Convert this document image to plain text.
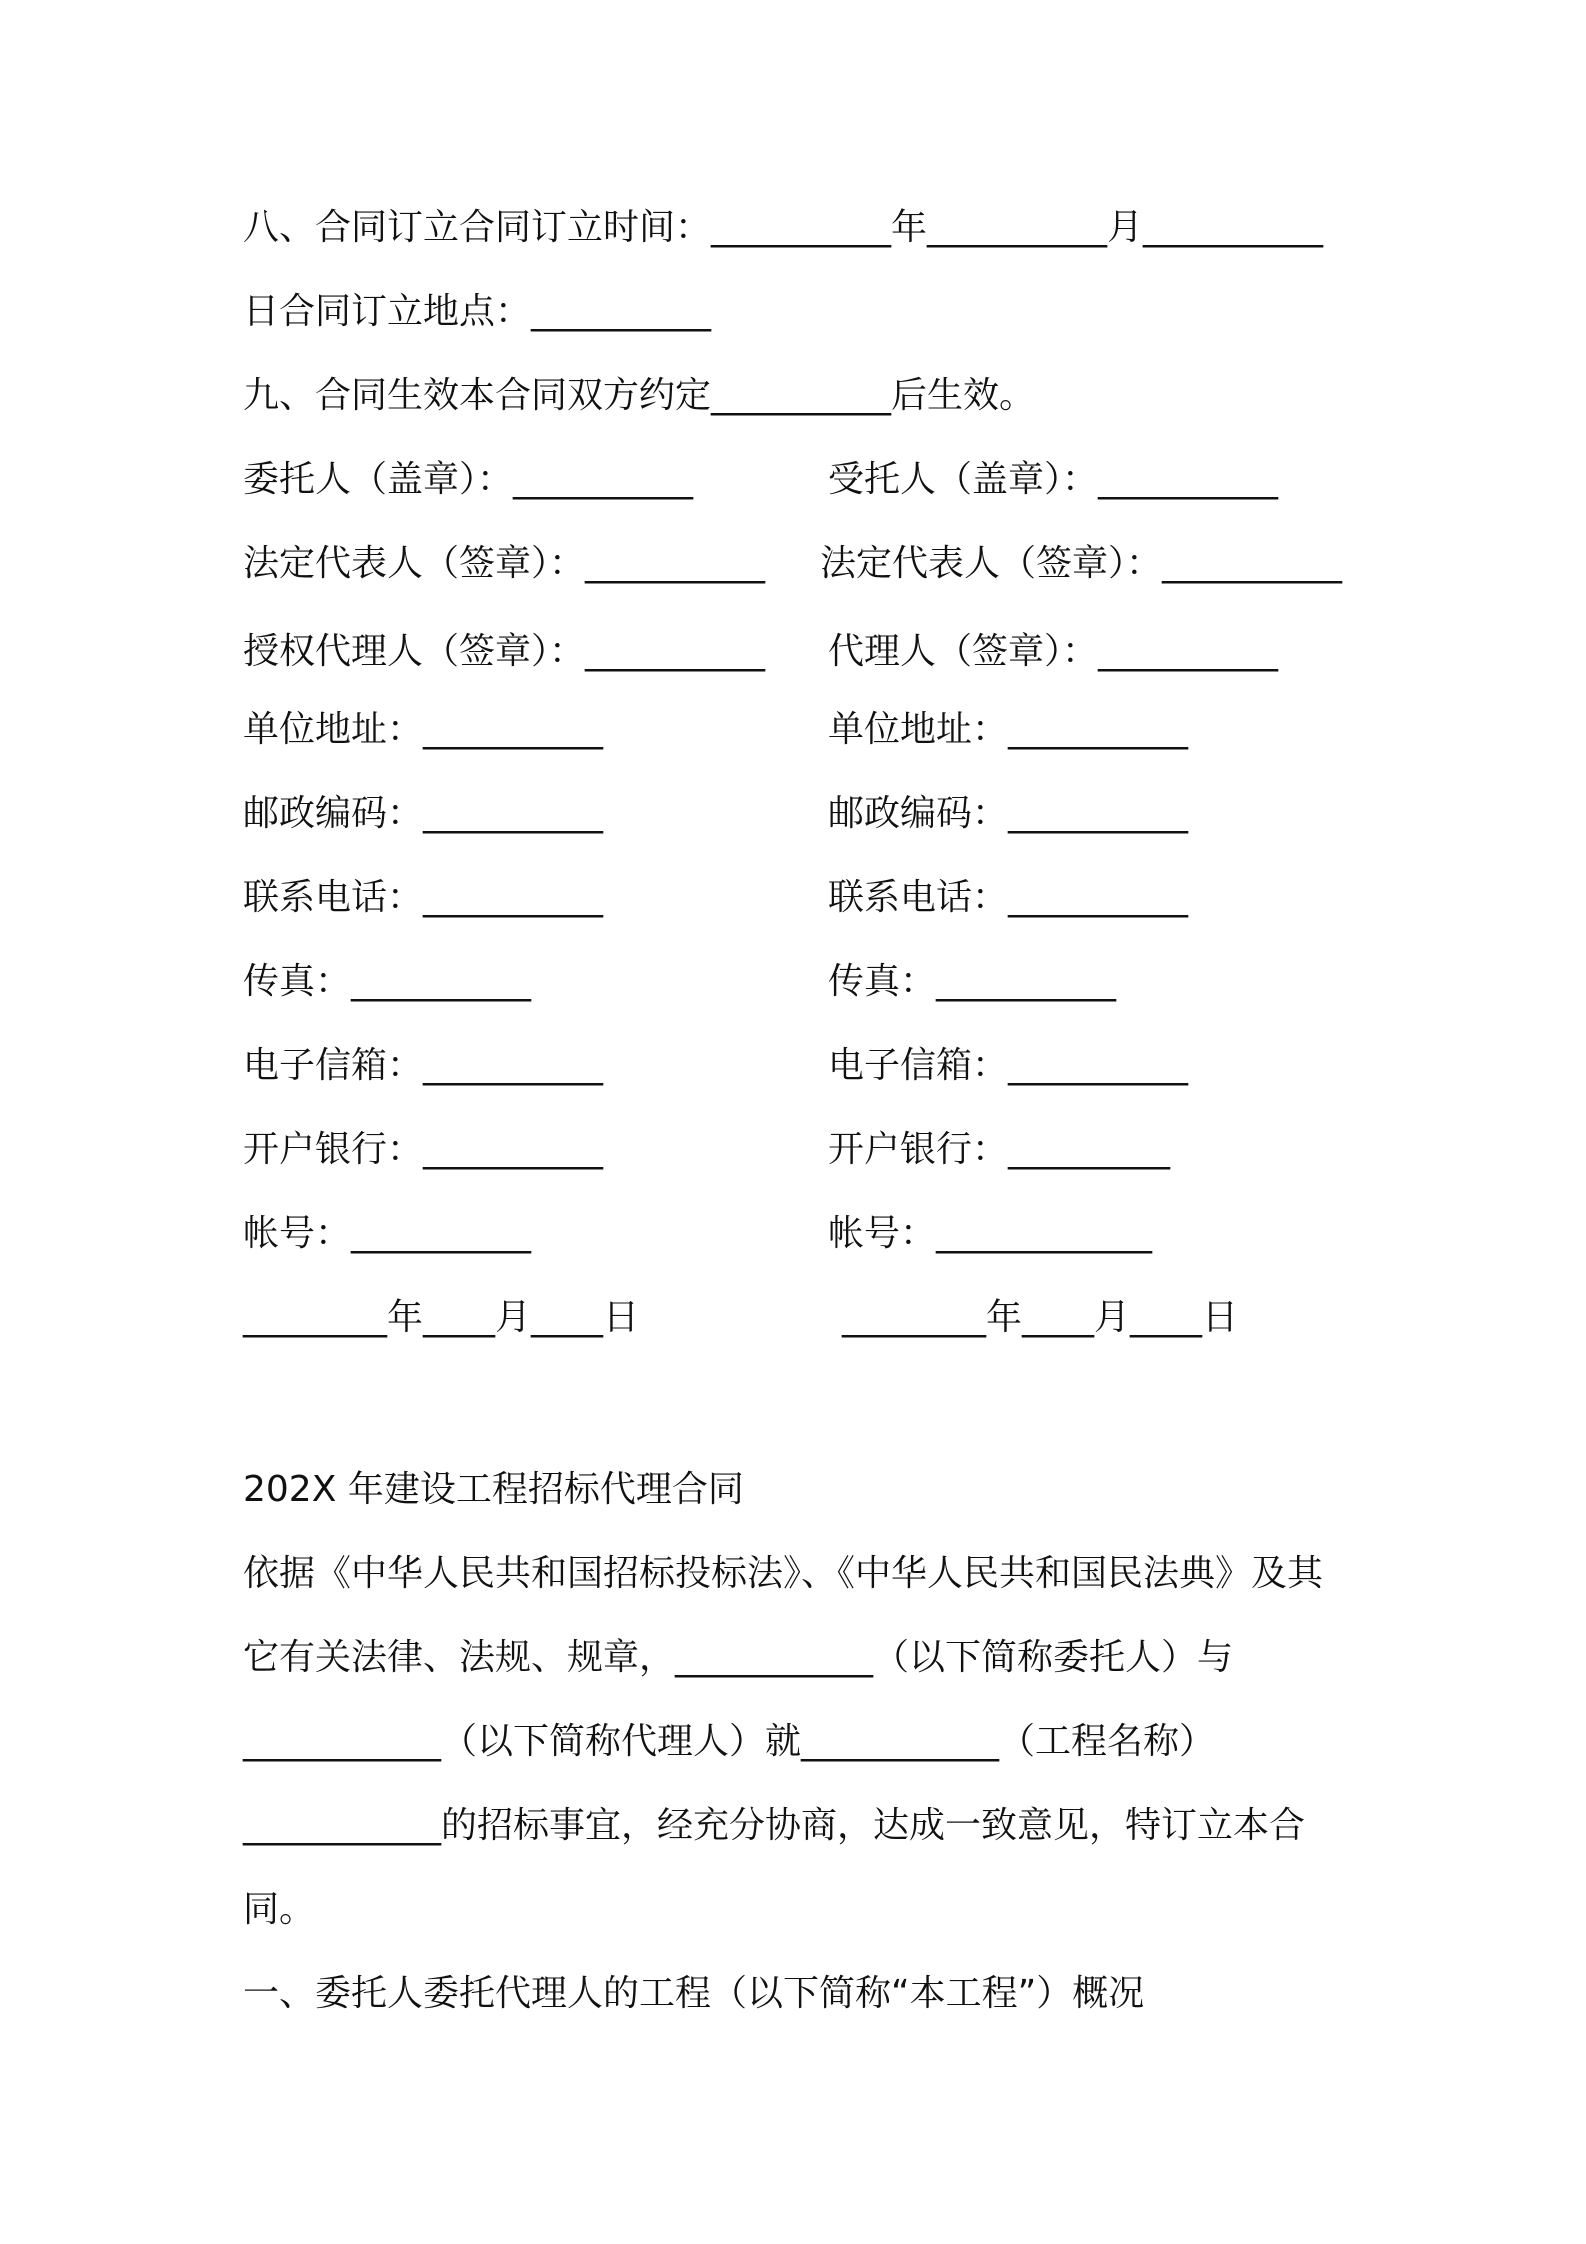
八、合同订立合同订立时间：__________年__________月__________
日合同订立地点：__________
九、合同生效本合同双方约定__________后生效。
委托人（盖章）：__________
法定代表人（签章）：__________
授权代理人（签章）：__________
单位地址：__________
邮政编码：__________
联系电话：__________
传真：__________
电子信箱：__________
开户银行：__________
帐号：__________
________年____月____日
受托人（盖章）：__________
法定代表人（签章）：__________
代理人（签章）：__________
单位地址：__________
邮政编码：__________
联系电话：__________
传真：__________
电子信箱：__________
开户银行：_________
帐号：____________
________年____月____日
202X 年建设工程招标代理合同
依据《中华人民共和国招标投标法》、《中华人民共和国民法典》及其
它有关法律、法规、规章，___________（以下简称委托人）与
___________（以下简称代理人）就___________（工程名称）
___________的招标事宜，经充分协商，达成一致意见，特订立本合
同。
一、委托人委托代理人的工程（以下简称“本工程”）概况
